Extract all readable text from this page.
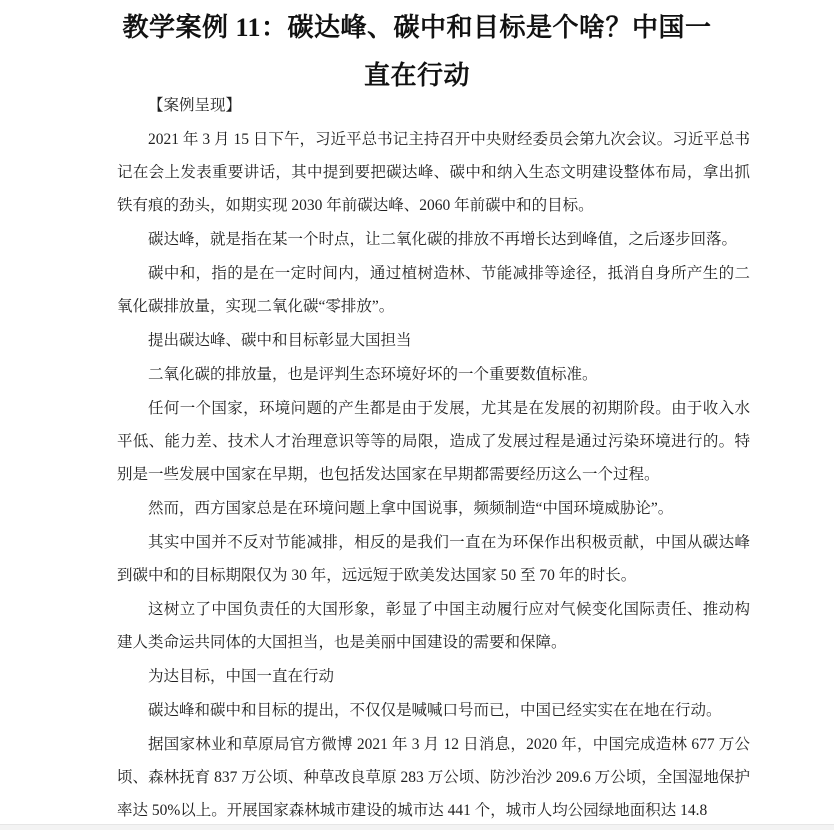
教学案例 11：碳达峰、碳中和目标是个啥？中国一直在行动

【案例呈现】

2021 年 3 月 15 日下午，习近平总书记主持召开中央财经委员会第九次会议。习近平总书记在会上发表重要讲话，其中提到要把碳达峰、碳中和纳入生态文明建设整体布局，拿出抓铁有痕的劲头，如期实现 2030 年前碳达峰、2060 年前碳中和的目标。

碳达峰，就是指在某一个时点，让二氧化碳的排放不再增长达到峰值，之后逐步回落。

碳中和，指的是在一定时间内，通过植树造林、节能减排等途径，抵消自身所产生的二氧化碳排放量，实现二氧化碳“零排放”。

提出碳达峰、碳中和目标彰显大国担当

二氧化碳的排放量，也是评判生态环境好坏的一个重要数值标准。

任何一个国家，环境问题的产生都是由于发展，尤其是在发展的初期阶段。由于收入水平低、能力差、技术人才治理意识等等的局限，造成了发展过程是通过污染环境进行的。特别是一些发展中国家在早期，也包括发达国家在早期都需要经历这么一个过程。

然而，西方国家总是在环境问题上拿中国说事，频频制造“中国环境威胁论”。

其实中国并不反对节能减排，相反的是我们一直在为环保作出积极贡献，中国从碳达峰到碳中和的目标期限仅为 30 年，远远短于欧美发达国家 50 至 70 年的时长。

这树立了中国负责任的大国形象，彰显了中国主动履行应对气候变化国际责任、推动构建人类命运共同体的大国担当，也是美丽中国建设的需要和保障。

为达目标，中国一直在行动

碳达峰和碳中和目标的提出，不仅仅是喊喊口号而已，中国已经实实在在地在行动。

据国家林业和草原局官方微博 2021 年 3 月 12 日消息，2020 年，中国完成造林 677 万公顷、森林抚育 837 万公顷、种草改良草原 283 万公顷、防沙治沙 209.6 万公顷，全国湿地保护率达 50%以上。开展国家森林城市建设的城市达 441 个，城市人均公园绿地面积达 14.8
